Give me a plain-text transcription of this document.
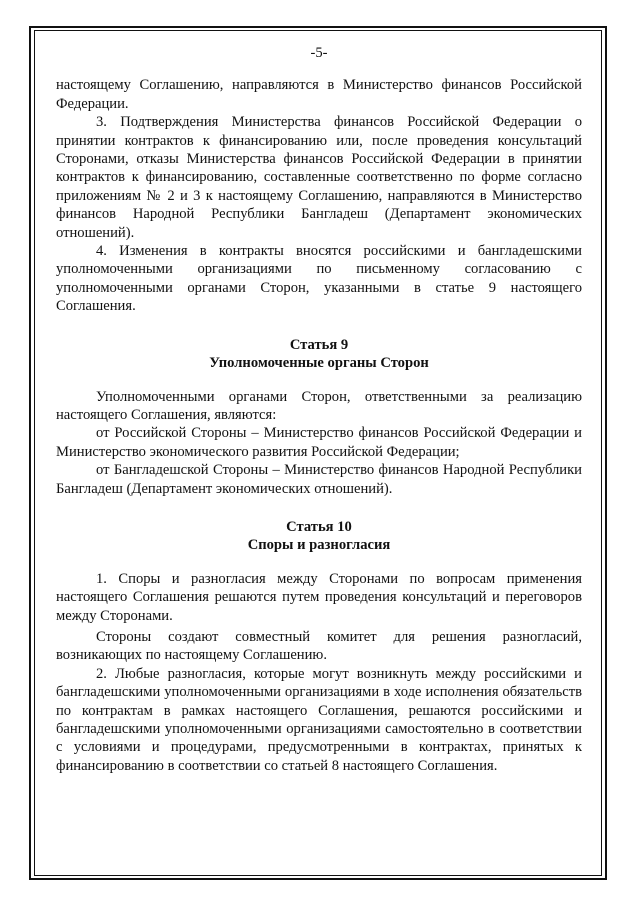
-5-

настоящему Соглашению, направляются в Министерство финансов Российской Федерации.

3. Подтверждения Министерства финансов Российской Федерации о принятии контрактов к финансированию или, после проведения консультаций Сторонами, отказы Министерства финансов Российской Федерации в принятии контрактов к финансированию, составленные соответственно по форме согласно приложениям № 2 и 3 к настоящему Соглашению, направляются в Министерство финансов Народной Республики Бангладеш (Департамент экономических отношений).

4. Изменения в контракты вносятся российскими и бангладешскими уполномоченными организациями по письменному согласованию с уполномоченными органами Сторон, указанными в статье 9 настоящего Соглашения.

Статья 9
Уполномоченные органы Сторон

Уполномоченными органами Сторон, ответственными за реализацию настоящего Соглашения, являются:

от Российской Стороны – Министерство финансов Российской Федерации и Министерство экономического развития Российской Федерации;

от Бангладешской Стороны – Министерство финансов Народной Республики Бангладеш (Департамент экономических отношений).

Статья 10
Споры и разногласия

1. Споры и разногласия между Сторонами по вопросам применения настоящего Соглашения решаются путем проведения консультаций и переговоров между Сторонами.

Стороны создают совместный комитет для решения разногласий, возникающих по настоящему Соглашению.

2. Любые разногласия, которые могут возникнуть между российскими и бангладешскими уполномоченными организациями в ходе исполнения обязательств по контрактам в рамках настоящего Соглашения, решаются российскими и бангладешскими уполномоченными организациями самостоятельно в соответствии с условиями и процедурами, предусмотренными в контрактах, принятых к финансированию в соответствии со статьей 8 настоящего Соглашения.
